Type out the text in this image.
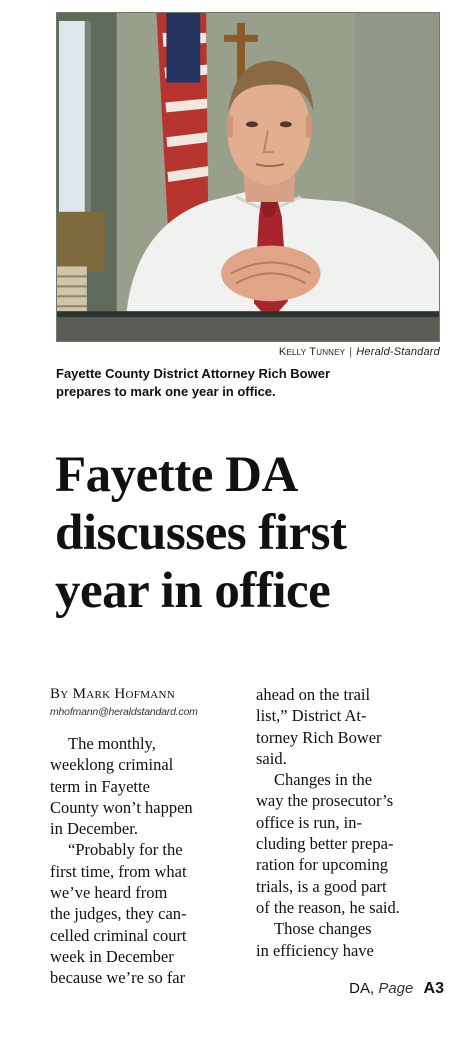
Kelly Tunney | Herald-Standard
Fayette County District Attorney Rich Bower
prepares to mark one year in office.
Fayette DA
discusses first
year in office
By Mark Hofmann
mhofmann@heraldstandard.com
The monthly,
weeklong criminal
term in Fayette
County won’t happen
in December.
“Probably for the
first time, from what
we’ve heard from
the judges, they can-
celled criminal court
week in December
because we’re so far
ahead on the trail
list,” District At-
torney Rich Bower
said.
Changes in the
way the prosecutor’s
office is run, in-
cluding better prepa-
ration for upcoming
trials, is a good part
of the reason, he said.
Those changes
in efficiency have
DA, Page A3
